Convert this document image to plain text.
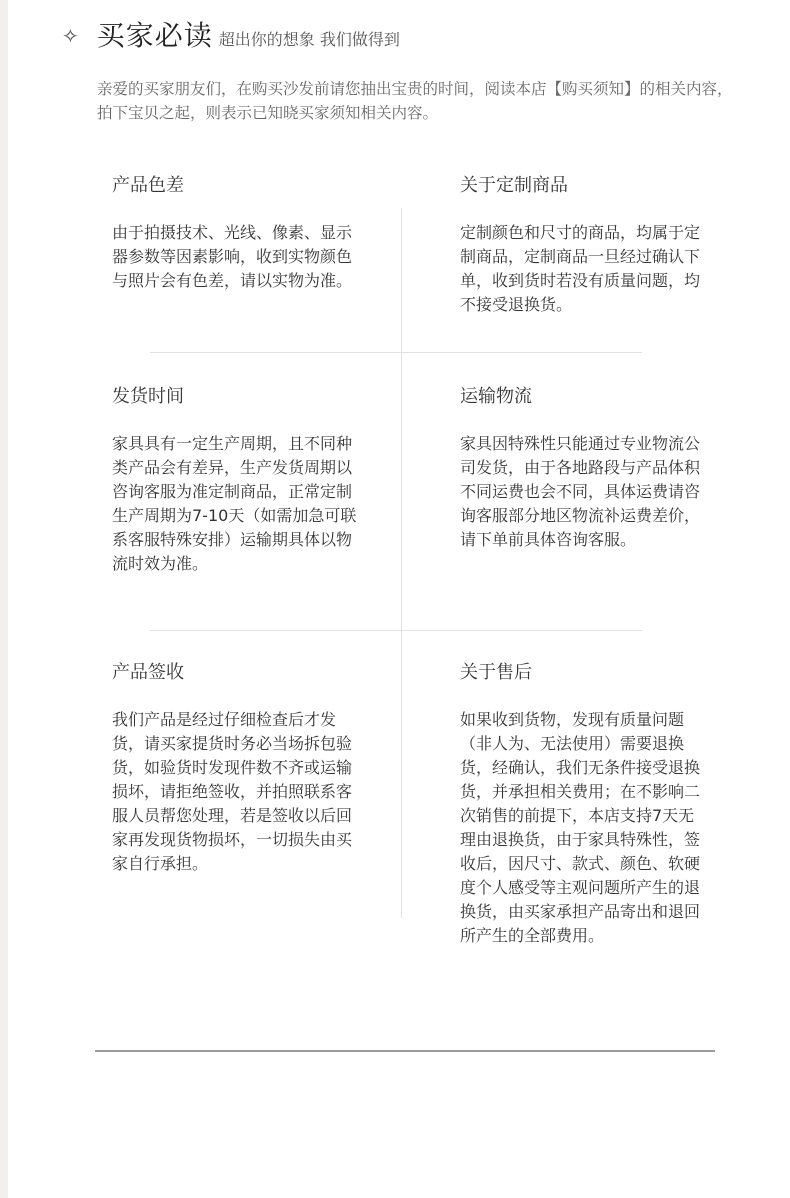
✧ 买家必读 超出你的想象 我们做得到
亲爱的买家朋友们，在购买沙发前请您抽出宝贵的时间，阅读本店【购买须知】的相关内容，拍下宝贝之起，则表示已知晓买家须知相关内容。
产品色差
由于拍摄技术、光线、像素、显示器参数等因素影响，收到实物颜色与照片会有色差，请以实物为准。
关于定制商品
定制颜色和尺寸的商品，均属于定制商品，定制商品一旦经过确认下单，收到货时若没有质量问题，均不接受退换货。
发货时间
家具具有一定生产周期，且不同种类产品会有差异，生产发货周期以咨询客服为准定制商品，正常定制生产周期为7-10天（如需加急可联系客服特殊安排）运输期具体以物流时效为准。
运输物流
家具因特殊性只能通过专业物流公司发货，由于各地路段与产品体积不同运费也会不同，具体运费请咨询客服部分地区物流补运费差价，请下单前具体咨询客服。
产品签收
我们产品是经过仔细检查后才发货，请买家提货时务必当场拆包验货，如验货时发现件数不齐或运输损坏，请拒绝签收，并拍照联系客服人员帮您处理，若是签收以后回家再发现货物损坏，一切损失由买家自行承担。
关于售后
如果收到货物，发现有质量问题（非人为、无法使用）需要退换货，经确认，我们无条件接受退换货，并承担相关费用；在不影响二次销售的前提下，本店支持7天无理由退换货，由于家具特殊性，签收后，因尺寸、款式、颜色、软硬度个人感受等主观问题所产生的退换货，由买家承担产品寄出和退回所产生的全部费用。
